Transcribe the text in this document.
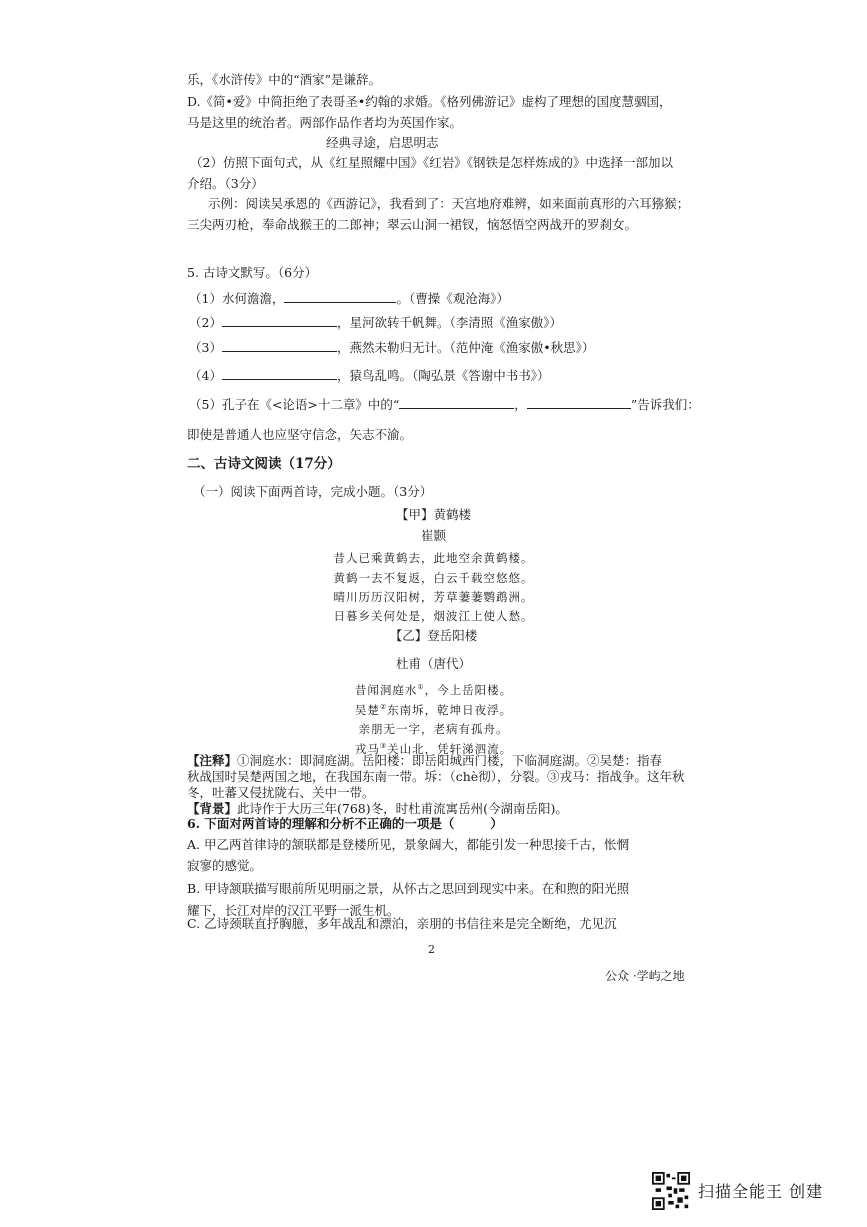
乐，《水浒传》中的“酒家”是谦辞。
D.《简•爱》中简拒绝了表哥圣•约翰的求婚。《格列佛游记》虚构了理想的国度慧骃国，
马是这里的统治者。两部作品作者均为英国作家。
经典寻途，启思明志
（2）仿照下面句式，从《红星照耀中国》《红岩》《钢铁是怎样炼成的》中选择一部加以
介绍。（3分）
示例：阅读吴承恩的《西游记》，我看到了：天宫地府难辨，如来面前真形的六耳猕猴；
三尖两刃枪，奉命战猴王的二郎神；翠云山洞一裙钗，恼怒悟空两战开的罗刹女。
5. 古诗文默写。（6分）
（1）水何澹澹，	。（曹操《观沧海》）
（2）	，星河欲转千帆舞。（李清照《渔家傲》）
（3）	，燕然未勒归无计。（范仲淹《渔家傲•秋思》）
（4）	，猿鸟乱鸣。（陶弘景《答谢中书书》）
（5）孔子在《<论语>十二章》中的“	，	”告诉我们：
即使是普通人也应坚守信念，矢志不渝。
二、古诗文阅读（17分）
（一）阅读下面两首诗，完成小题。（3分）
【甲】黄鹤楼
崔颢
昔人已乘黄鹤去，此地空余黄鹤楼。
黄鹤一去不复返，白云千载空悠悠。
晴川历历汉阳树，芳草萋萋鹦鹉洲。
日暮乡关何处是，烟波江上使人愁。
【乙】登岳阳楼
杜甫（唐代）
昔闻洞庭水①，今上岳阳楼。
吴楚②东南坼，乾坤日夜浮。
亲朋无一字，老病有孤舟。
戎马③关山北，凭轩涕泗流。
【注释】①洞庭水：即洞庭湖。岳阳楼：即岳阳城西门楼，下临洞庭湖。②吴楚：指春
秋战国时吴楚两国之地，在我国东南一带。坼：（chè彻），分裂。③戎马：指战争。这年秋
冬，吐蕃又侵扰陇右、关中一带。
【背景】此诗作于大历三年(768)冬，时杜甫流寓岳州(今湖南岳阳)。
6. 下面对两首诗的理解和分析不正确的一项是（	）
A. 甲乙两首律诗的颔联都是登楼所见，景象阔大，都能引发一种思接千古，怅惘
寂寥的感觉。
B. 甲诗颔联描写眼前所见明丽之景，从怀古之思回到现实中来。在和煦的阳光照
耀下，长江对岸的汉江平野一派生机。
C. 乙诗颈联直抒胸臆，多年战乱和漂泊，亲朋的书信往来是完全断绝，尤见沉
2
公众 ·学屿之地
扫描全能王 创建
